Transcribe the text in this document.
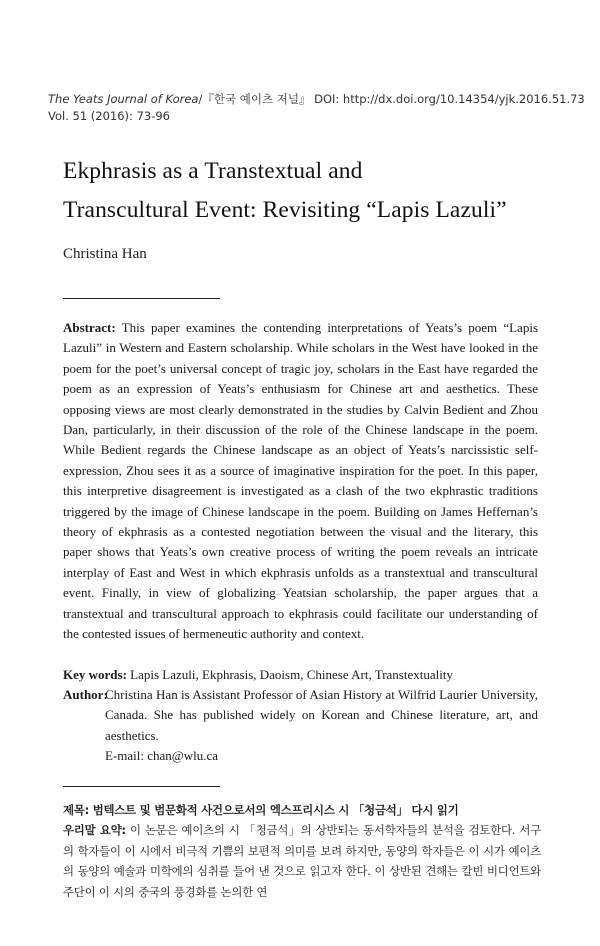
The Yeats Journal of Korea/『한국 예이츠 저널』 DOI: http://dx.doi.org/10.14354/yjk.2016.51.73
Vol. 51 (2016): 73-96
Ekphrasis as a Transtextual and
Transcultural Event: Revisiting “Lapis Lazuli”
Christina Han
Abstract: This paper examines the contending interpretations of Yeats’s poem “Lapis Lazuli” in Western and Eastern scholarship. While scholars in the West have looked in the poem for the poet’s universal concept of tragic joy, scholars in the East have regarded the poem as an expression of Yeats’s enthusiasm for Chinese art and aesthetics. These opposing views are most clearly demonstrated in the studies by Calvin Bedient and Zhou Dan, particularly, in their discussion of the role of the Chinese landscape in the poem. While Bedient regards the Chinese landscape as an object of Yeats’s narcissistic self-expression, Zhou sees it as a source of imaginative inspiration for the poet. In this paper, this interpretive disagreement is investigated as a clash of the two ekphrastic traditions triggered by the image of Chinese landscape in the poem. Building on James Heffernan’s theory of ekphrasis as a contested negotiation between the visual and the literary, this paper shows that Yeats’s own creative process of writing the poem reveals an intricate interplay of East and West in which ekphrasis unfolds as a transtextual and transcultural event. Finally, in view of globalizing Yeatsian scholarship, the paper argues that a transtextual and transcultural approach to ekphrasis could facilitate our understanding of the contested issues of hermeneutic authority and context.
Key words: Lapis Lazuli, Ekphrasis, Daoism, Chinese Art, Transtextuality
Author:
Christina Han is Assistant Professor of Asian History at Wilfrid Laurier University, Canada. She has published widely on Korean and Chinese literature, art, and aesthetics.
E-mail: chan@wlu.ca
제목: 범텍스트 및 범문화적 사건으로서의 엑스프리시스 시 「청금석」 다시 읽기
우리말 요약: 이 논문은 예이츠의 시 「청금석」의 상반되는 동서학자들의 분석을 검토한다. 서구의 학자들이 이 시에서 비극적 기쁨의 보편적 의미를 보려 하지만, 동양의 학자들은 이 시가 예이츠의 동양의 예술과 미학에의 심취를 들어 낸 것으로 읽고자 한다. 이 상반된 견해는 칼빈 비디언트와 주단이 이 시의 중국의 풍경화를 논의한 연
